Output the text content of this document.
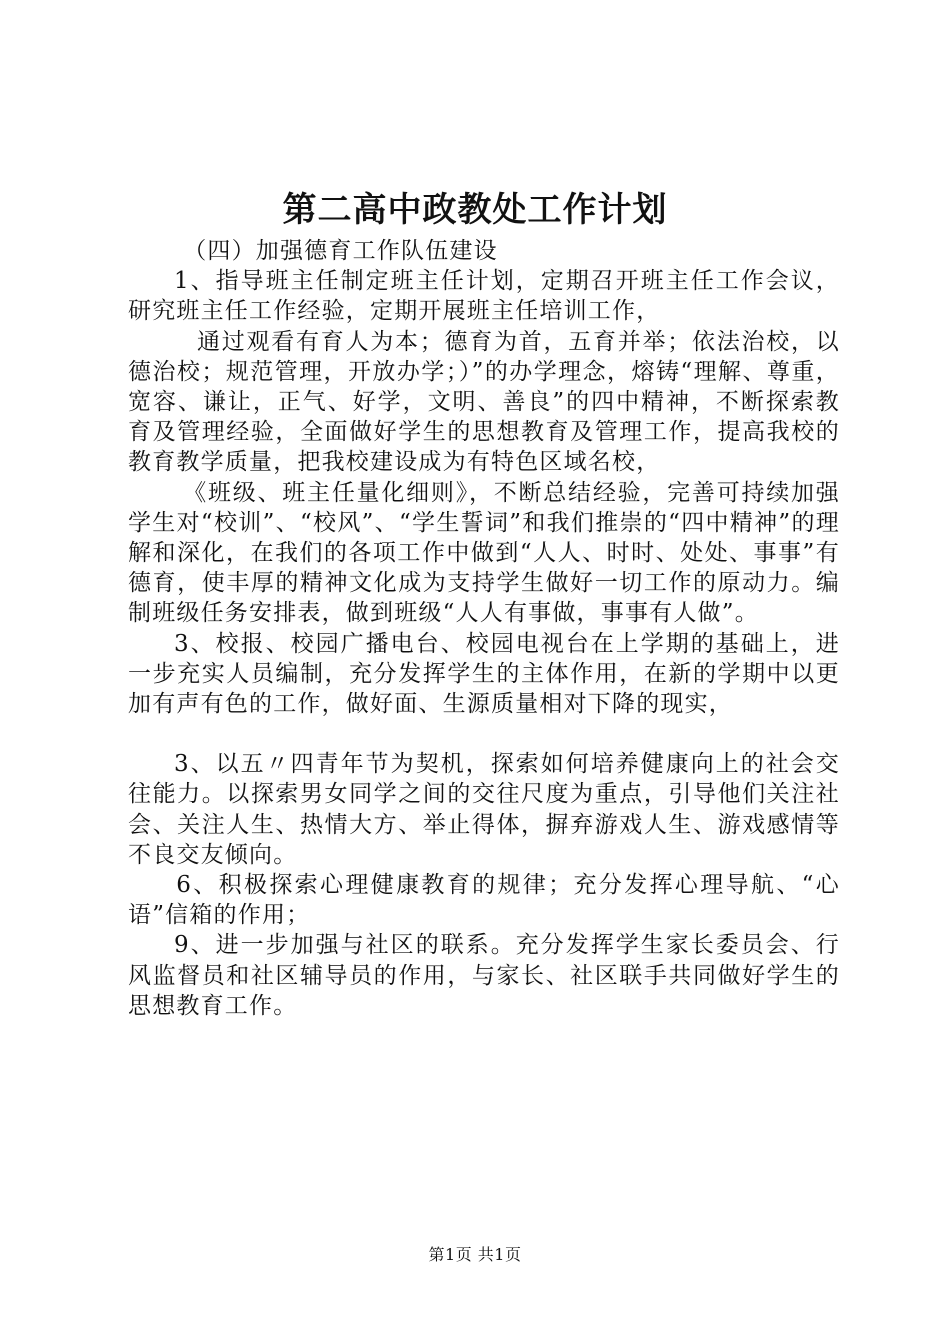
第二高中政教处工作计划

（四）加强德育工作队伍建设

1、指导班主任制定班主任计划，定期召开班主任工作会议，研究班主任工作经验，定期开展班主任培训工作，

通过观看有育人为本；德育为首，五育并举；依法治校，以德治校；规范管理，开放办学；）”的办学理念，熔铸“理解、尊重，宽容、谦让，正气、好学，文明、善良”的四中精神，不断探索教育及管理经验，全面做好学生的思想教育及管理工作，提高我校的教育教学质量，把我校建设成为有特色区域名校，

《班级、班主任量化细则》，不断总结经验，完善可持续加强学生对“校训”、“校风”、“学生誓词”和我们推崇的“四中精神”的理解和深化，在我们的各项工作中做到“人人、时时、处处、事事”有德育，使丰厚的精神文化成为支持学生做好一切工作的原动力。编制班级任务安排表，做到班级“人人有事做，事事有人做”。

3、校报、校园广播电台、校园电视台在上学期的基础上，进一步充实人员编制，充分发挥学生的主体作用，在新的学期中以更加有声有色的工作，做好面、生源质量相对下降的现实，

3、以五〃四青年节为契机，探索如何培养健康向上的社会交往能力。以探索男女同学之间的交往尺度为重点，引导他们关注社会、关注人生、热情大方、举止得体，摒弃游戏人生、游戏感情等不良交友倾向。

6、积极探索心理健康教育的规律；充分发挥心理导航、“心语”信箱的作用；

9、进一步加强与社区的联系。充分发挥学生家长委员会、行风监督员和社区辅导员的作用，与家长、社区联手共同做好学生的思想教育工作。

第1页 共1页
